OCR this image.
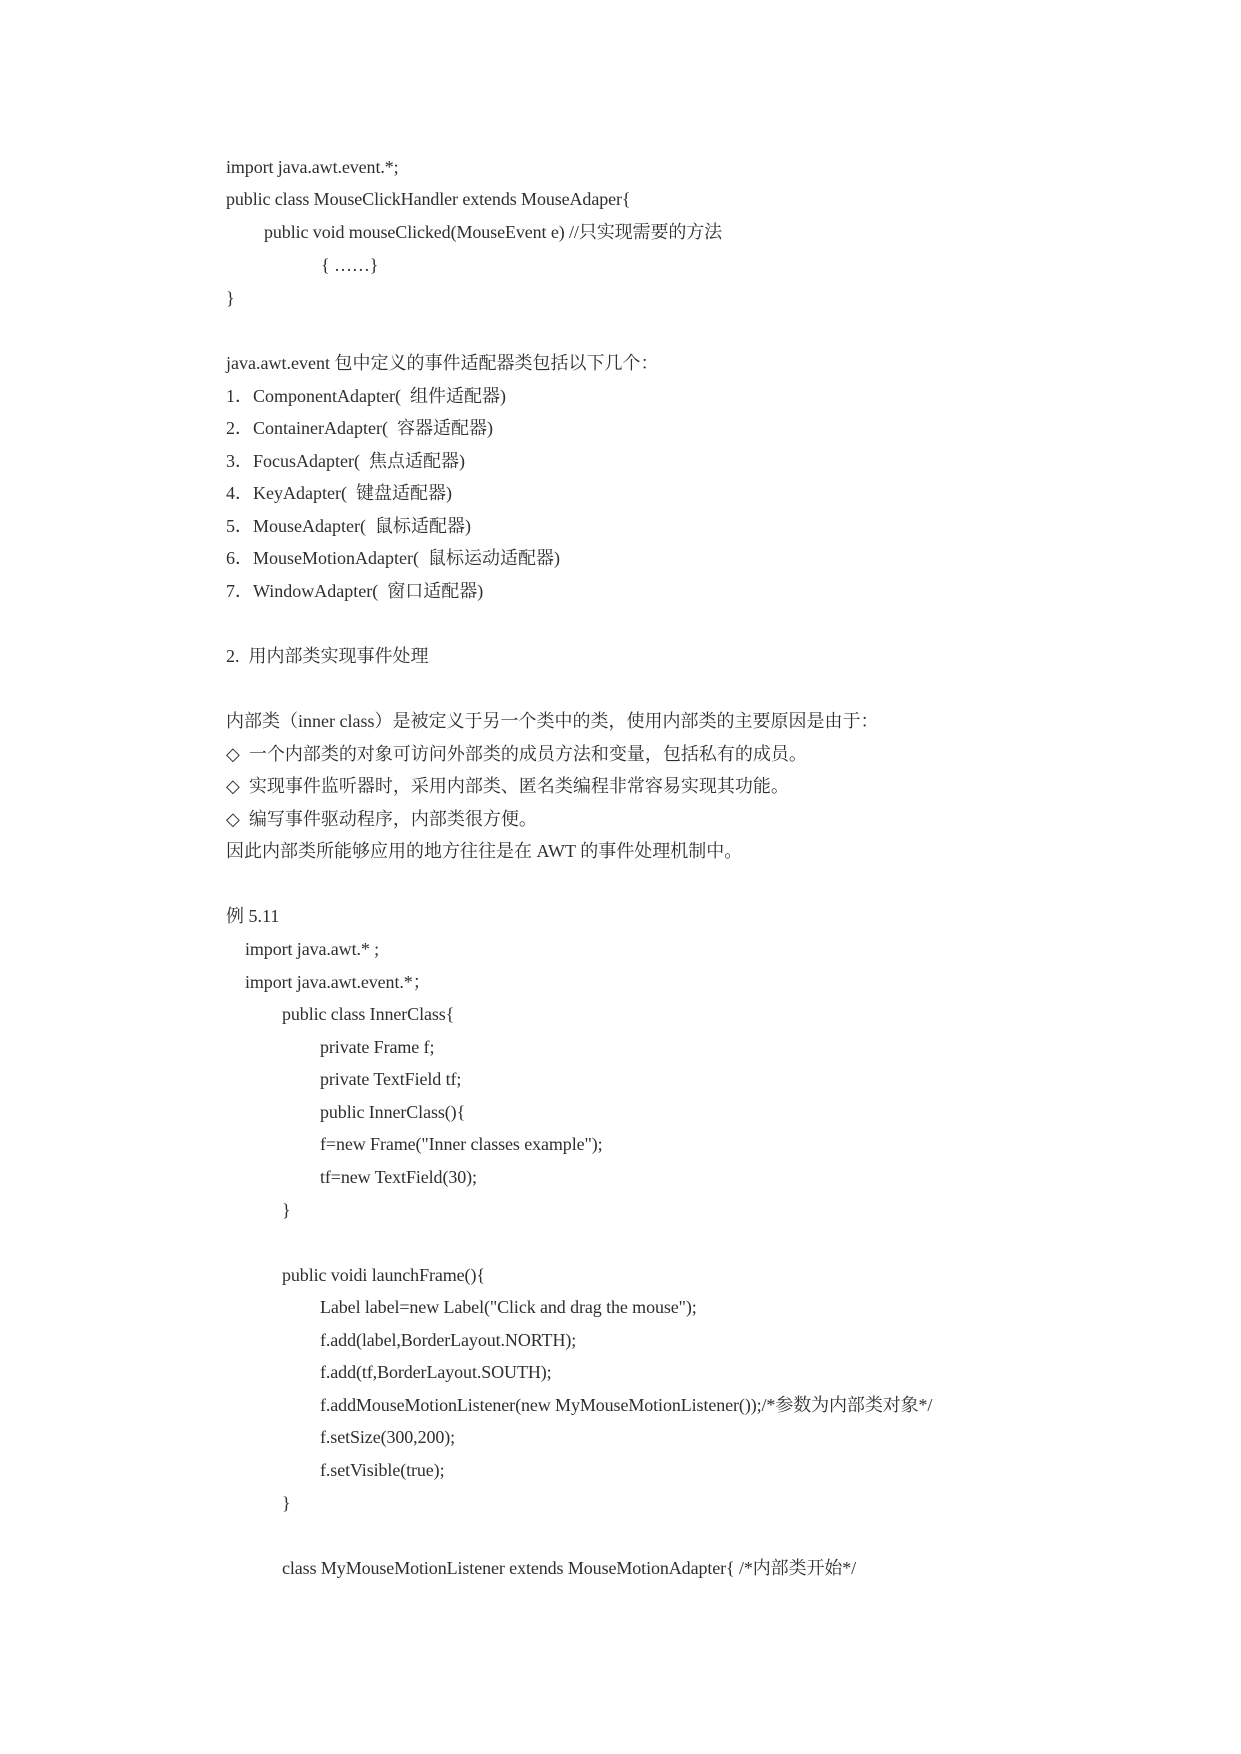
import java.awt.event.*;
public class MouseClickHandler extends MouseAdaper{
public void mouseClicked(MouseEvent e) //只实现需要的方法
{ ……}
}
java.awt.event 包中定义的事件适配器类包括以下几个：
1．ComponentAdapter(  组件适配器)
2．ContainerAdapter(  容器适配器)
3．FocusAdapter(  焦点适配器)
4．KeyAdapter(  键盘适配器)
5．MouseAdapter(  鼠标适配器)
6．MouseMotionAdapter(  鼠标运动适配器)
7．WindowAdapter(  窗口适配器)
2.  用内部类实现事件处理
内部类（inner class）是被定义于另一个类中的类，使用内部类的主要原因是由于：
◇  一个内部类的对象可访问外部类的成员方法和变量，包括私有的成员。
◇  实现事件监听器时，采用内部类、匿名类编程非常容易实现其功能。
◇  编写事件驱动程序，内部类很方便。
因此内部类所能够应用的地方往往是在 AWT 的事件处理机制中。
例 5.11
import java.awt.* ;
import java.awt.event.*；
public class InnerClass{
private Frame f;
private TextField tf;
public InnerClass(){
f=new Frame("Inner classes example");
tf=new TextField(30);
}
public voidi launchFrame(){
Label label=new Label("Click and drag the mouse");
f.add(label,BorderLayout.NORTH);
f.add(tf,BorderLayout.SOUTH);
f.addMouseMotionListener(new MyMouseMotionListener());/*参数为内部类对象*/
f.setSize(300,200);
f.setVisible(true);
}
class MyMouseMotionListener extends MouseMotionAdapter{ /*内部类开始*/
